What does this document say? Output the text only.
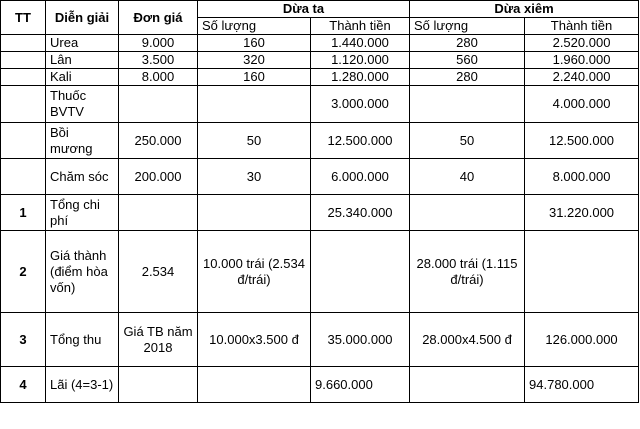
TT	Diễn giải	Đơn giá	Dừa ta		Dừa xiêm	
			Số lượng	Thành tiền	Số lượng	Thành tiền
	Urea	9.000	160	1.440.000	280	2.520.000
	Lân	3.500	320	1.120.000	560	1.960.000
	Kali	8.000	160	1.280.000	280	2.240.000
	Thuốc BVTV			3.000.000		4.000.000
	Bồi mương	250.000	50	12.500.000	50	12.500.000
	Chăm sóc	200.000	30	6.000.000	40	8.000.000
1	Tổng chi phí			25.340.000		31.220.000
2	Giá thành (điểm hòa vốn)	2.534	10.000 trái (2.534 đ/trái)		28.000 trái (1.115 đ/trái)	
3	Tổng thu	Giá TB năm 2018	10.000x3.500 đ	35.000.000	28.000x4.500 đ	126.000.000
4	Lãi (4=3-1)			9.660.000		94.780.000
